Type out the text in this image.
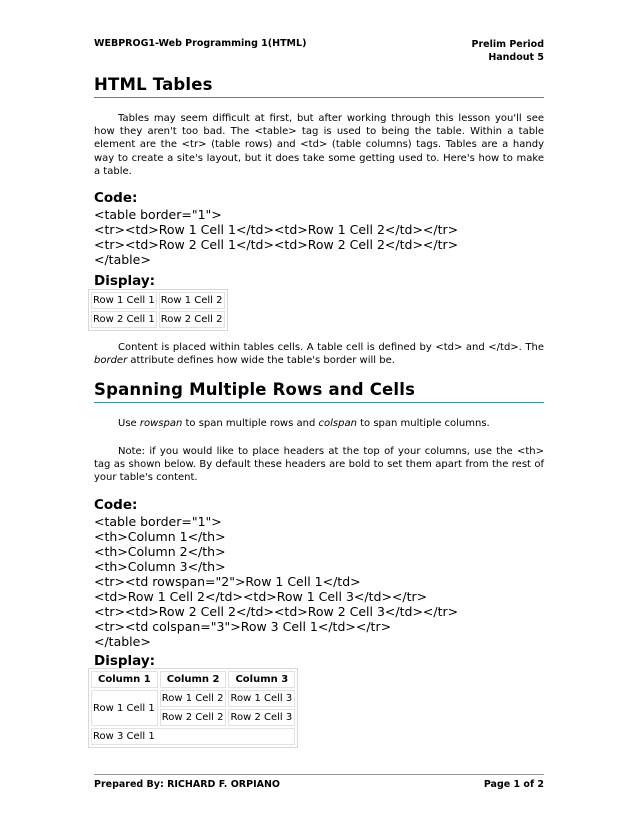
WEBPROG1-Web Programming 1(HTML)	Prelim Period
Handout 5
HTML Tables

Tables may seem difficult at first, but after working through this lesson you'll see how they aren't too bad. The <table> tag is used to being the table. Within a table element are the <tr> (table rows) and <td> (table columns) tags. Tables are a handy way to create a site's layout, but it does take some getting used to. Here's how to make a table.

Code:
<table border="1">
<tr><td>Row 1 Cell 1</td><td>Row 1 Cell 2</td></tr>
<tr><td>Row 2 Cell 1</td><td>Row 2 Cell 2</td></tr>
</table>
Display:
Row 1 Cell 1	Row 1 Cell 2
Row 2 Cell 1	Row 2 Cell 2

Content is placed within tables cells. A table cell is defined by <td> and </td>. The border attribute defines how wide the table's border will be.

Spanning Multiple Rows and Cells

Use rowspan to span multiple rows and colspan to span multiple columns.

Note: if you would like to place headers at the top of your columns, use the <th> tag as shown below. By default these headers are bold to set them apart from the rest of your table's content.

Code:
<table border="1">
<th>Column 1</th>
<th>Column 2</th>
<th>Column 3</th>
<tr><td rowspan="2">Row 1 Cell 1</td>
<td>Row 1 Cell 2</td><td>Row 1 Cell 3</td></tr>
<tr><td>Row 2 Cell 2</td><td>Row 2 Cell 3</td></tr>
<tr><td colspan="3">Row 3 Cell 1</td></tr>
</table>
Display:
Column 1	Column 2	Column 3
Row 1 Cell 1	Row 1 Cell 2	Row 1 Cell 3
	Row 2 Cell 2	Row 2 Cell 3
Row 3 Cell 1		
Prepared By: RICHARD F. ORPIANO	Page 1 of 2
